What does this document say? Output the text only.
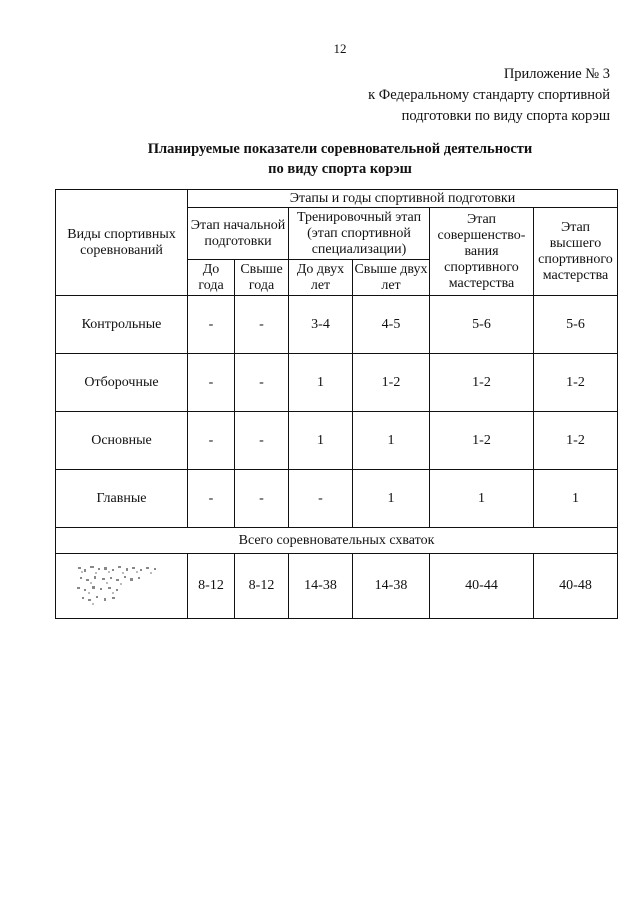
12
Приложение № 3
к Федеральному стандарту спортивной
подготовки по виду спорта корэш
Планируемые показатели соревновательной деятельности
по виду спорта корэш
Виды спортивных соревнований	Этапы и годы спортивной подготовки					
	Этап начальной подготовки		Тренировочный этап (этап спортивной специализации)		Этап совершенство-вания спортивного мастерства	Этап высшего спортивного мастерства
	До года	Свыше года	До двух лет	Свыше двух лет		
Контрольные	-	-	3-4	4-5	5-6	5-6
Отборочные	-	-	1	1-2	1-2	1-2
Основные	-	-	1	1	1-2	1-2
Главные	-	-	-	1	1	1
Всего соревновательных схваток						

	8-12	8-12	14-38	14-38	40-44	40-48
